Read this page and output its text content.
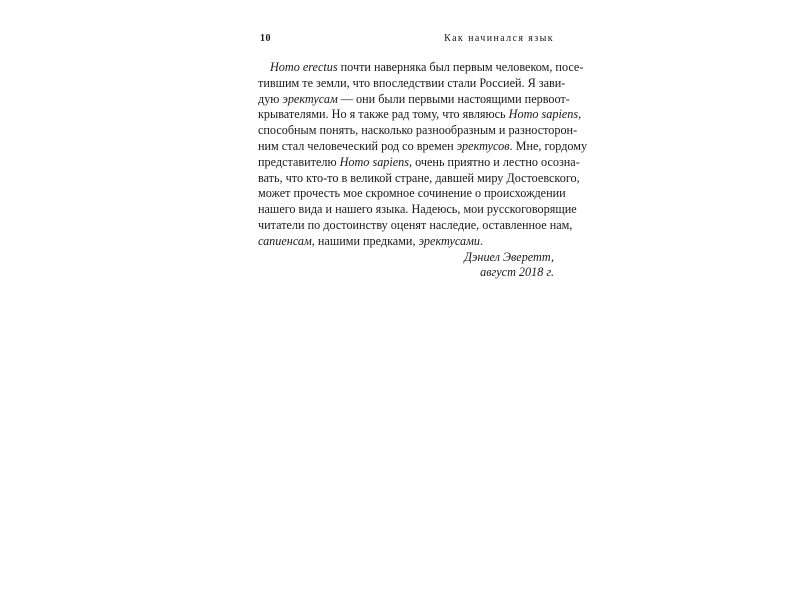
10	Как начинался язык

Homo erectus почти наверняка был первым человеком, посе-
тившим те земли, что впоследствии стали Россией. Я зави-
дую эректусам — они были первыми настоящими первоот-
крывателями. Но я также рад тому, что являюсь Homo sapiens,
способным понять, насколько разнообразным и разносторон-
ним стал человеческий род со времен эректусов. Мне, гордому
представителю Homo sapiens, очень приятно и лестно осозна-
вать, что кто-то в великой стране, давшей миру Достоевского,
может прочесть мое скромное сочинение о происхождении
нашего вида и нашего языка. Надеюсь, мои русскоговорящие
читатели по достоинству оценят наследие, оставленное нам,
сапиенсам, нашими предками, эректусами.

Дэниел Эверетт,
август 2018 г.
